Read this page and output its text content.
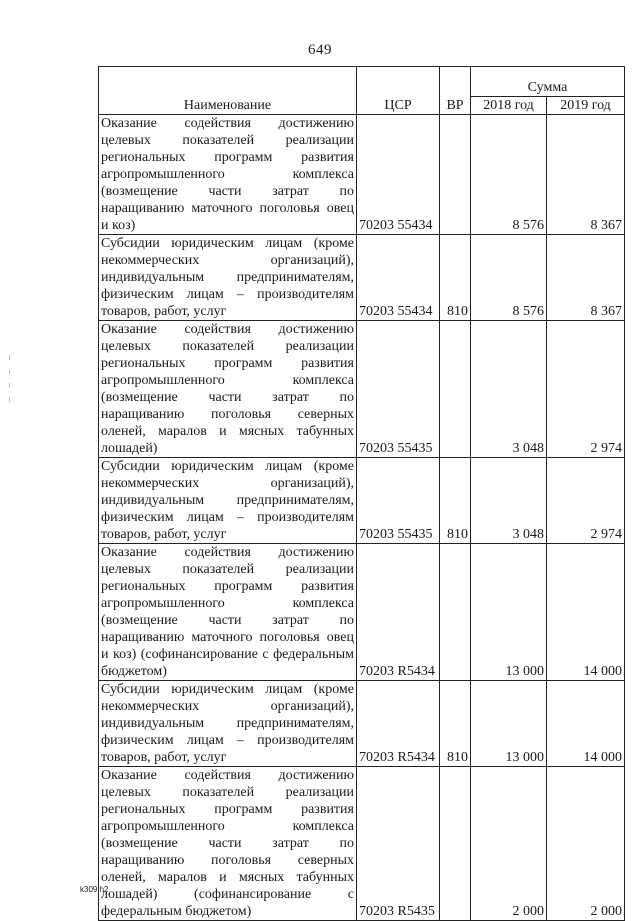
649
Наименование	ЦСР	ВР	Сумма	
			2018 год	2019 год
Оказание содействия достижению целевых показателей реализации региональных программ развития агропромышленного комплекса (возмещение части затрат по наращиванию маточного поголовья овец и коз)	70203 55434		8 576	8 367
Субсидии юридическим лицам (кроме некоммерческих организаций), индивидуальным предпринимателям, физическим лицам – производителям товаров, работ, услуг	70203 55434	810	8 576	8 367
Оказание содействия достижению целевых показателей реализации региональных программ развития агропромышленного комплекса (возмещение части затрат по наращиванию поголовья северных оленей, маралов и мясных табунных лошадей)	70203 55435		3 048	2 974
Субсидии юридическим лицам (кроме некоммерческих организаций), индивидуальным предпринимателям, физическим лицам – производителям товаров, работ, услуг	70203 55435	810	3 048	2 974
Оказание содействия достижению целевых показателей реализации региональных программ развития агропромышленного комплекса (возмещение части затрат по наращиванию маточного поголовья овец и коз) (софинансирование с федеральным бюджетом)	70203 R5434		13 000	14 000
Субсидии юридическим лицам (кроме некоммерческих организаций), индивидуальным предпринимателям, физическим лицам – производителям товаров, работ, услуг	70203 R5434	810	13 000	14 000
Оказание содействия достижению целевых показателей реализации региональных программ развития агропромышленного комплекса (возмещение части затрат по наращиванию поголовья северных оленей, маралов и мясных табунных лошадей) (софинансирование с федеральным бюджетом)	70203 R5435		2 000	2 000
k309 h2
